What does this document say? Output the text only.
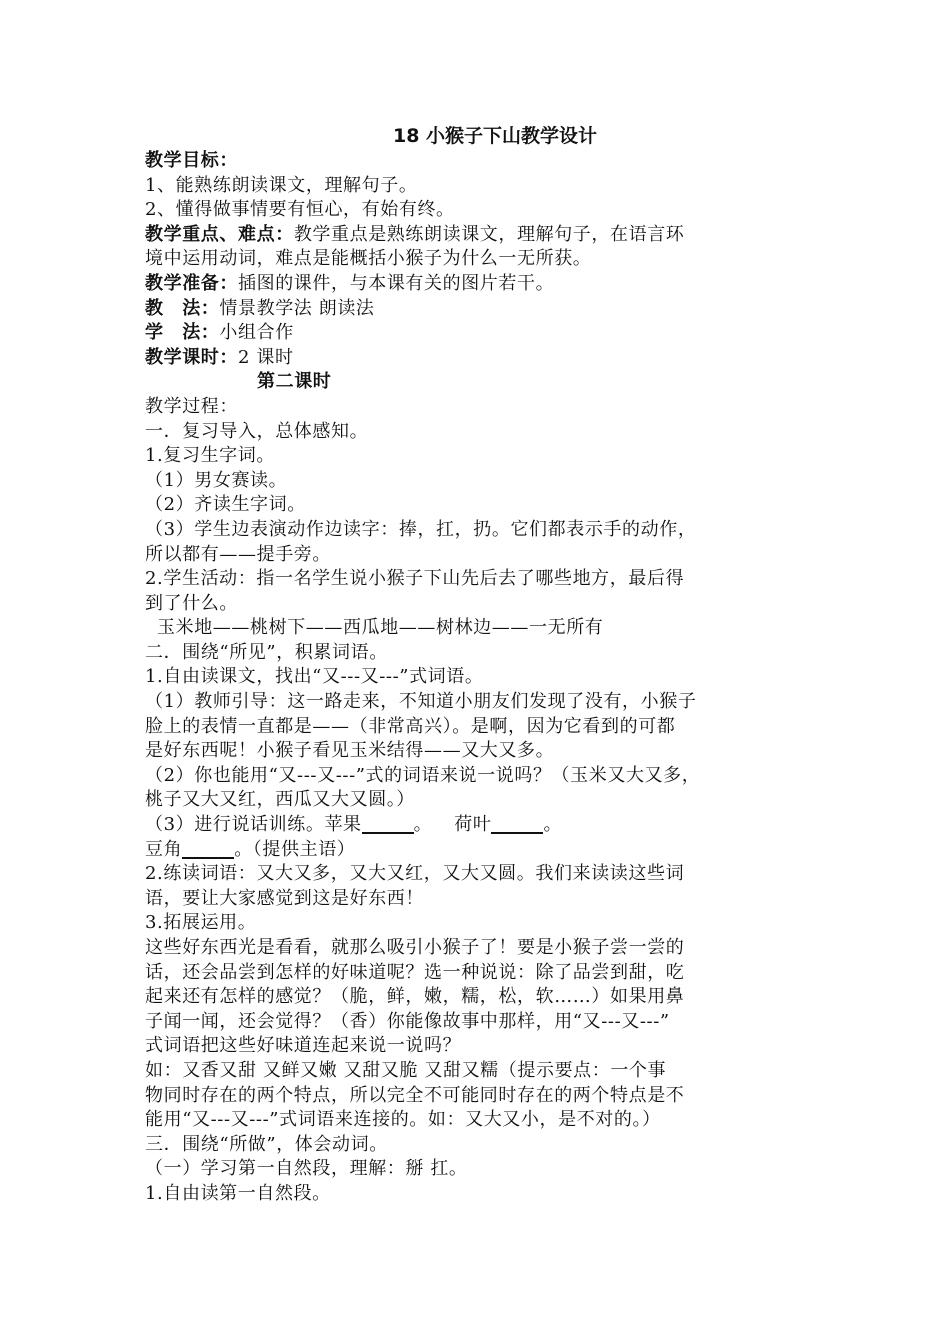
18 小猴子下山教学设计
教学目标：
1、能熟练朗读课文，理解句子。
2、懂得做事情要有恒心，有始有终。
教学重点、难点：教学重点是熟练朗读课文，理解句子，在语言环
境中运用动词，难点是能概括小猴子为什么一无所获。
教学准备：插图的课件，与本课有关的图片若干。
教　法：情景教学法 朗读法
学　法：小组合作
教学课时：2 课时
第二课时
教学过程：
一．复习导入，总体感知。
1.复习生字词。
（1）男女赛读。
（2）齐读生字词。
（3）学生边表演动作边读字：捧，扛，扔。它们都表示手的动作，
所以都有——提手旁。
2.学生活动：指一名学生说小猴子下山先后去了哪些地方，最后得
到了什么。
玉米地——桃树下——西瓜地——树林边——一无所有
二．围绕“所见”，积累词语。
1.自由读课文，找出“又---又---”式词语。
（1）教师引导：这一路走来，不知道小朋友们发现了没有，小猴子
脸上的表情一直都是——（非常高兴）。是啊，因为它看到的可都
是好东西呢！小猴子看见玉米结得——又大又多。
（2）你也能用“又---又---”式的词语来说一说吗？（玉米又大又多，
桃子又大又红，西瓜又大又圆。）
（3）进行说话训练。苹果	。 荷叶	。
豆角	。（提供主语）
2.练读词语：又大又多，又大又红，又大又圆。我们来读读这些词
语，要让大家感觉到这是好东西！
3.拓展运用。
这些好东西光是看看，就那么吸引小猴子了！要是小猴子尝一尝的
话，还会品尝到怎样的好味道呢？选一种说说：除了品尝到甜，吃
起来还有怎样的感觉？（脆，鲜，嫩，糯，松，软……）如果用鼻
子闻一闻，还会觉得？（香）你能像故事中那样，用“又---又---”
式词语把这些好味道连起来说一说吗？
如：又香又甜 又鲜又嫩 又甜又脆 又甜又糯（提示要点：一个事
物同时存在的两个特点，所以完全不可能同时存在的两个特点是不
能用“又---又---”式词语来连接的。如：又大又小，是不对的。）
三．围绕“所做”，体会动词。
（一）学习第一自然段，理解：掰 扛。
1.自由读第一自然段。
